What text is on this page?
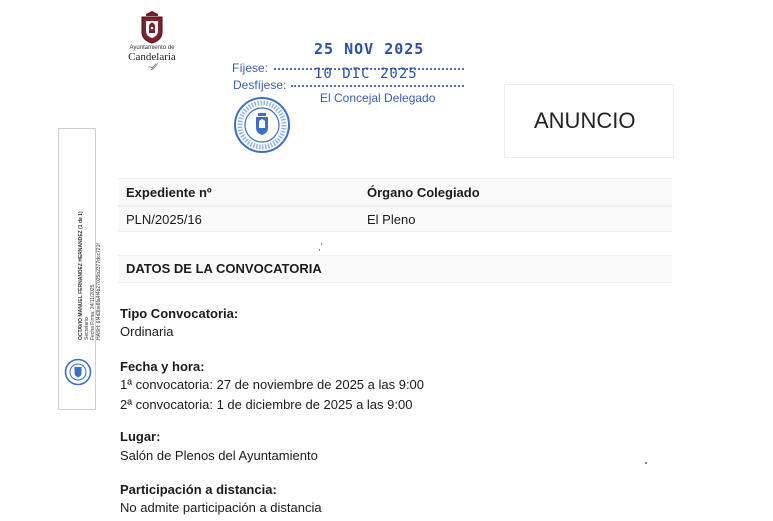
Ayuntamiento de
Candelaria
~⁄⁄
25 NOV 2025
Fíjese:	10 DIC 2025
Desfíjese:
El Concejal Delegado
ANUNCIO
OCTAVIO MANUEL FERNANDEZ HERNANDEZ (1 de 1) Secretario Fecha Firma: 24/11/2025 HASH: 6f4d3be8fa4f4b27025b2377dcc721f
Expediente nº	Órgano Colegiado
PLN/2025/16	El Pleno
,′
DATOS DE LA CONVOCATORIA
Tipo Convocatoria:
Ordinaria
Fecha y hora:
1ª convocatoria: 27 de noviembre de 2025 a las 9:00
2ª convocatoria: 1 de diciembre de 2025 a las 9:00
Lugar:
Salón de Plenos del Ayuntamiento
Participación a distancia:
No admite participación a distancia
